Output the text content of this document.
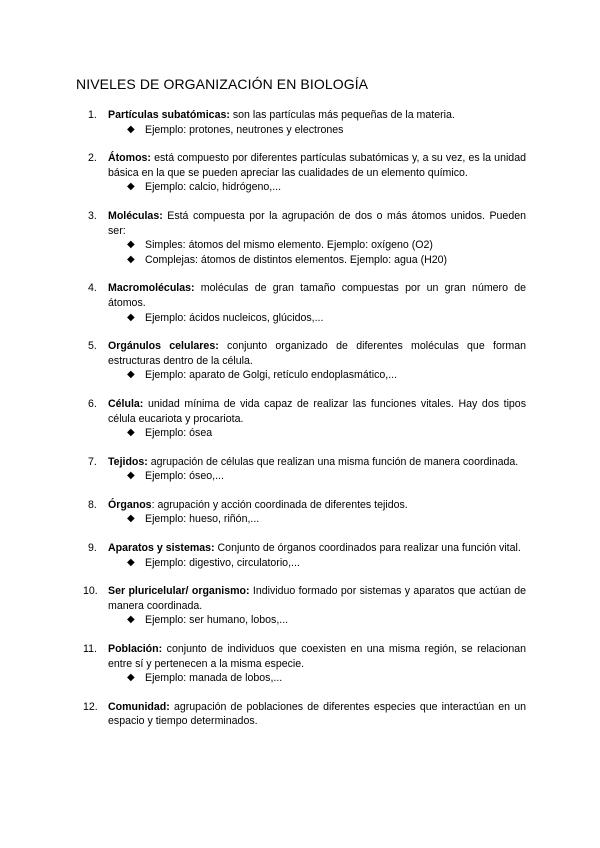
NIVELES DE ORGANIZACIÓN EN BIOLOGÍA
1. Partículas subatómicas: son las partículas más pequeñas de la materia.
◆ Ejemplo: protones, neutrones y electrones
2. Átomos: está compuesto por diferentes partículas subatómicas y, a su vez, es la unidad básica en la que se pueden apreciar las cualidades de un elemento químico.
◆ Ejemplo: calcio, hidrógeno,...
3. Moléculas: Está compuesta por la agrupación de dos o más átomos unidos. Pueden ser:
◆ Simples: átomos del mismo elemento. Ejemplo: oxígeno (O2)
◆ Complejas: átomos de distintos elementos. Ejemplo: agua (H20)
4. Macromoléculas: moléculas de gran tamaño compuestas por un gran número de átomos.
◆ Ejemplo: ácidos nucleicos, glúcidos,...
5. Orgánulos celulares: conjunto organizado de diferentes moléculas que forman estructuras dentro de la célula.
◆ Ejemplo: aparato de Golgi, retículo endoplasmático,...
6. Célula: unidad mínima de vida capaz de realizar las funciones vitales. Hay dos tipos célula eucariota y procariota.
◆ Ejemplo: ósea
7. Tejidos: agrupación de células que realizan una misma función de manera coordinada.
◆ Ejemplo: óseo,...
8. Órganos: agrupación y acción coordinada de diferentes tejidos.
◆ Ejemplo: hueso, riñón,...
9. Aparatos y sistemas: Conjunto de órganos coordinados para realizar una función vital.
◆ Ejemplo: digestivo, circulatorio,...
10. Ser pluricelular/ organismo: Individuo formado por sistemas y aparatos que actúan de manera coordinada.
◆ Ejemplo: ser humano, lobos,...
11. Población: conjunto de individuos que coexisten en una misma región, se relacionan entre sí y pertenecen a la misma especie.
◆ Ejemplo: manada de lobos,...
12. Comunidad: agrupación de poblaciones de diferentes especies que interactúan en un espacio y tiempo determinados.
